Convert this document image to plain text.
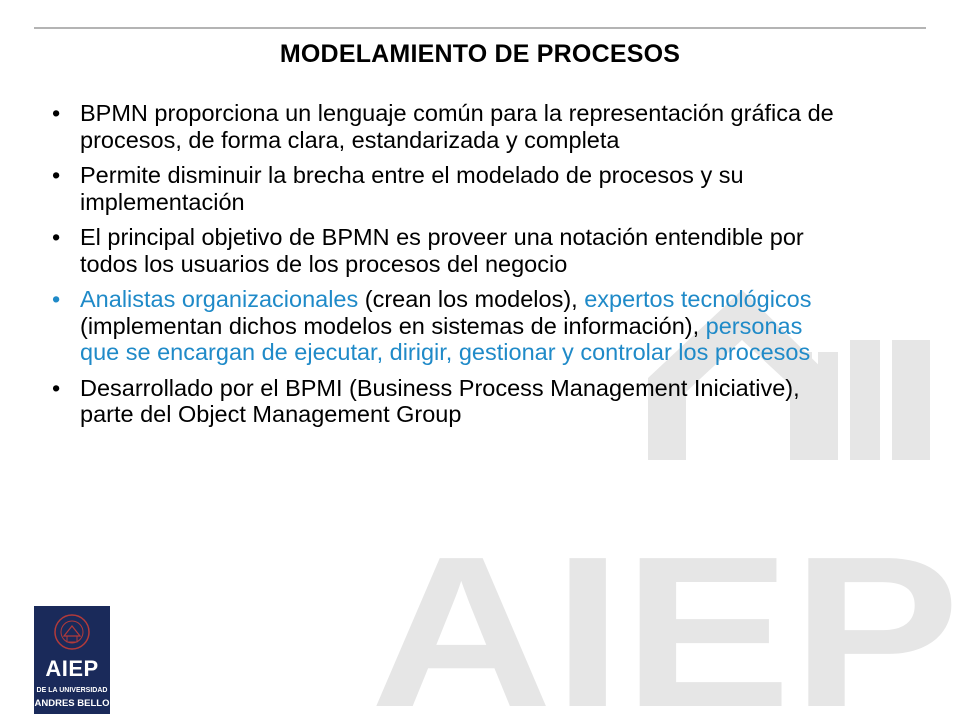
AIEP
MODELAMIENTO DE PROCESOS
• BPMN proporciona un lenguaje común para la representación gráfica de procesos, de forma clara, estandarizada y completa
• Permite disminuir la brecha entre el modelado de procesos y su implementación
• El principal objetivo de BPMN es proveer una notación entendible por todos los usuarios de los procesos del negocio
• Analistas organizacionales (crean los modelos), expertos tecnológicos (implementan dichos modelos en sistemas de información), personas que se encargan de ejecutar, dirigir, gestionar y controlar los procesos
• Desarrollado por el BPMI (Business Process Management Iniciative), parte del Object Management Group
AIEP
DE LA UNIVERSIDAD
ANDRES BELLO
